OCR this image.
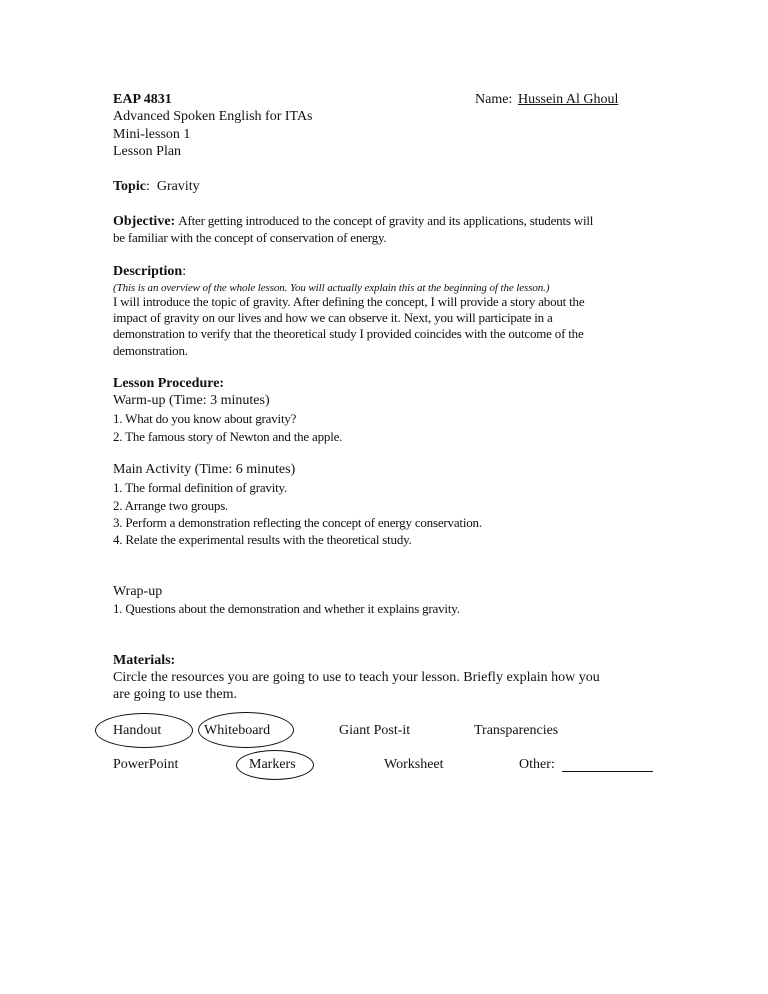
EAP 4831	Name: Hussein Al Ghoul
Advanced Spoken English for ITAs
Mini-lesson 1
Lesson Plan
Topic: Gravity
Objective: After getting introduced to the concept of gravity and its applications, students will
be familiar with the concept of conservation of energy.
Description:
(This is an overview of the whole lesson. You will actually explain this at the beginning of the lesson.)
I will introduce the topic of gravity. After defining the concept, I will provide a story about the
impact of gravity on our lives and how we can observe it. Next, you will participate in a
demonstration to verify that the theoretical study I provided coincides with the outcome of the
demonstration.
Lesson Procedure:
Warm-up (Time: 3 minutes)
1. What do you know about gravity?
2. The famous story of Newton and the apple.
Main Activity (Time: 6 minutes)
1. The formal definition of gravity.
2. Arrange two groups.
3. Perform a demonstration reflecting the concept of energy conservation.
4. Relate the experimental results with the theoretical study.
Wrap-up
1. Questions about the demonstration and whether it explains gravity.
Materials:
Circle the resources you are going to use to teach your lesson. Briefly explain how you
are going to use them.
Handout	Whiteboard	Giant Post-it	Transparencies
PowerPoint	Markers	Worksheet	Other:
